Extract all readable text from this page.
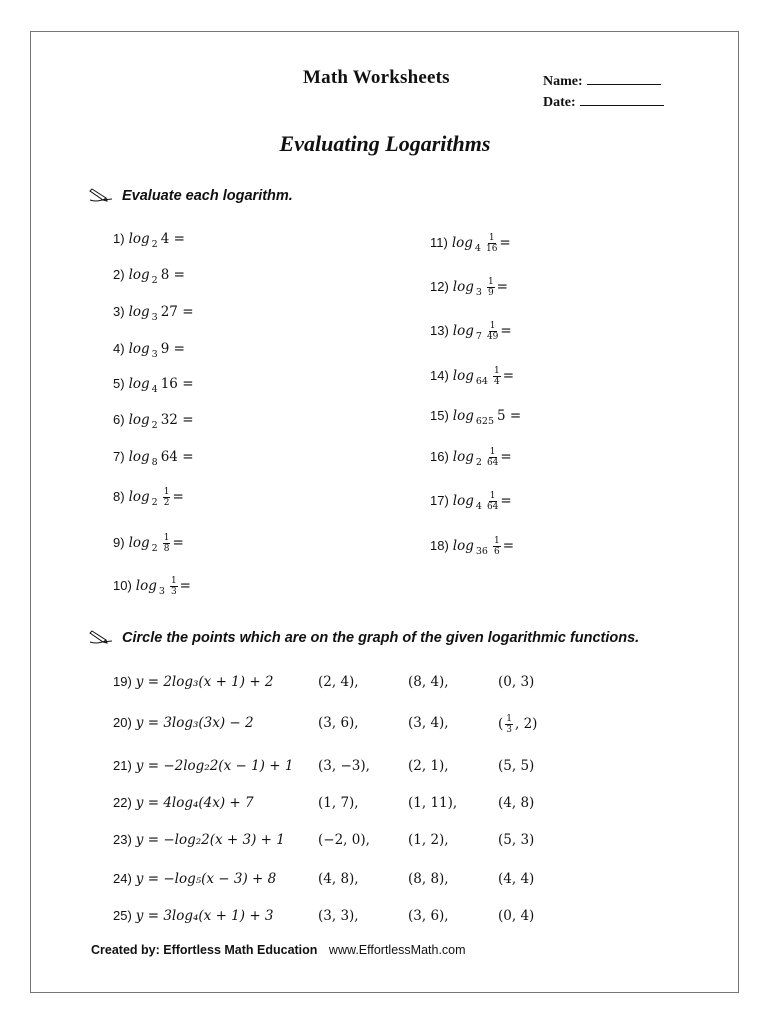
Math Worksheets	Name:
Date:
Evaluating Logarithms
Evaluate each logarithm.
1) log $_2$ 4 =
2) log $_2$ 8 =
3) log $_3$ 27 =
4) log $_3$ 9 =
5) log $_4$ 16 =
6) log $_2$ 32 =
7) log $_8$ 64 =
8) $\log _2 \frac{1}{2}$ =
9) $\log _2 \frac{1}{8}$ =
10) $\log _3 \frac{1}{3}$ =
11) $\log _4 \frac{1}{16}$ =
12) $\log _3 \frac{1}{9}$ =
13) $\log _7 \frac{1}{49}$ =
14) $\log _{64} \frac{1}{4}$ =
15) log $_{625}$ 5 =
16) $\log _2 \frac{1}{64}$ =
17) $\log _4 \frac{1}{64}$ =
18) $\log _{36} \frac{1}{6}$ =
Circle the points which are on the graph of the given logarithmic functions.
19) y = 2log₃(x + 1) + 2	(2, 4),	(8, 4),	(0, 3)
20) y = 3log₃(3x) − 2	(3, 6),	(3, 4),	( $\frac{1}{3}$ , 2)
21) y = −2log₂2(x − 1) + 1 (3, −3),	(2, 1),	(5, 5)
22) y = 4log₄(4x) + 7	(1, 7),	(1, 11),	(4, 8)
23) y = −log₂2(x + 3) + 1 (−2, 0),	(1, 2),	(5, 3)
24) y = −log₅(x − 3) + 8	(4, 8),	(8, 8),	(4, 4)
25) y = 3log₄(x + 1) + 3	(3, 3),	(3, 6),	(0, 4)
Created by: Effortless Math Education www.EffortlessMath.com
